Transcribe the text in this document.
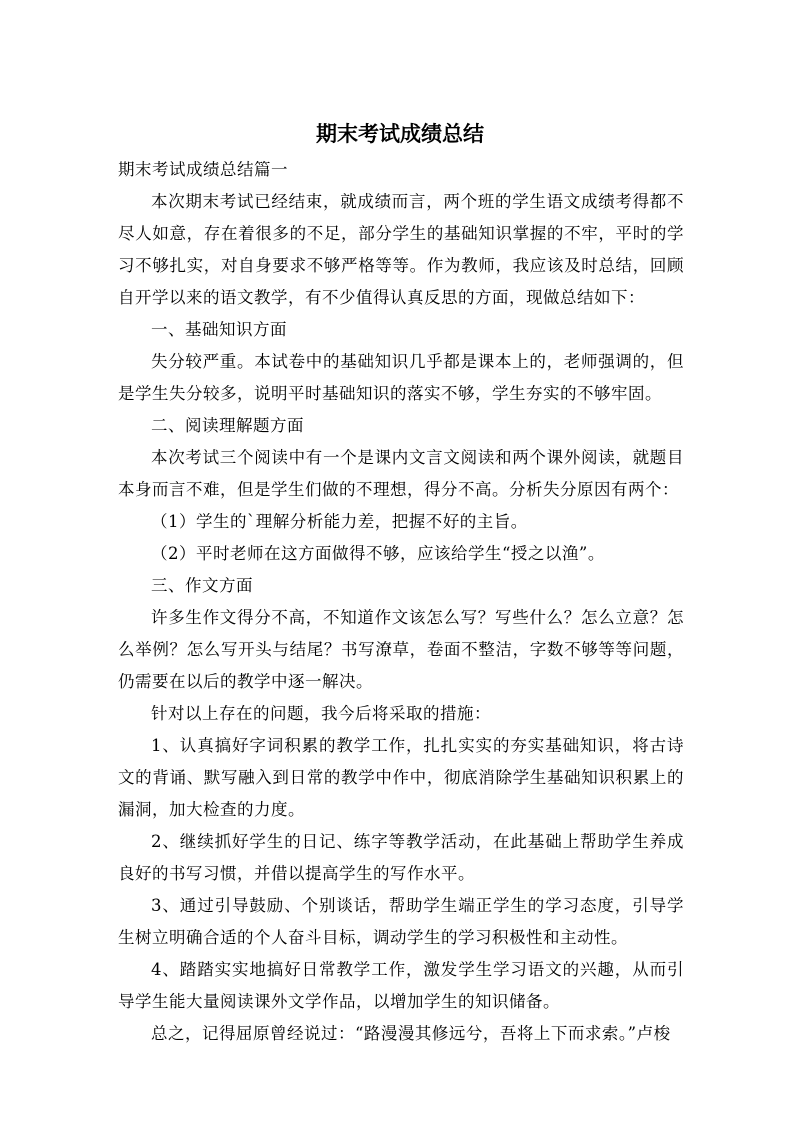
期末考试成绩总结

期末考试成绩总结篇一

本次期末考试已经结束，就成绩而言，两个班的学生语文成绩考得都不尽人如意，存在着很多的不足，部分学生的基础知识掌握的不牢，平时的学习不够扎实，对自身要求不够严格等等。作为教师，我应该及时总结，回顾自开学以来的语文教学，有不少值得认真反思的方面，现做总结如下：

一、基础知识方面

失分较严重。本试卷中的基础知识几乎都是课本上的，老师强调的，但是学生失分较多，说明平时基础知识的落实不够，学生夯实的不够牢固。

二、阅读理解题方面

本次考试三个阅读中有一个是课内文言文阅读和两个课外阅读，就题目本身而言不难，但是学生们做的不理想，得分不高。分析失分原因有两个：

（1）学生的`理解分析能力差，把握不好的主旨。

（2）平时老师在这方面做得不够，应该给学生“授之以渔”。

三、作文方面

许多生作文得分不高，不知道作文该怎么写？写些什么？怎么立意？怎么举例？怎么写开头与结尾？书写潦草，卷面不整洁，字数不够等等问题，仍需要在以后的教学中逐一解决。

针对以上存在的问题，我今后将采取的措施：

1、认真搞好字词积累的教学工作，扎扎实实的夯实基础知识，将古诗文的背诵、默写融入到日常的教学中作中，彻底消除学生基础知识积累上的漏洞，加大检查的力度。

2、继续抓好学生的日记、练字等教学活动，在此基础上帮助学生养成良好的书写习惯，并借以提高学生的写作水平。

3、通过引导鼓励、个别谈话，帮助学生端正学生的学习态度，引导学生树立明确合适的个人奋斗目标，调动学生的学习积极性和主动性。

4、踏踏实实地搞好日常教学工作，激发学生学习语文的兴趣，从而引导学生能大量阅读课外文学作品，以增加学生的知识储备。

总之，记得屈原曾经说过：“路漫漫其修远兮，吾将上下而求索。”卢梭
